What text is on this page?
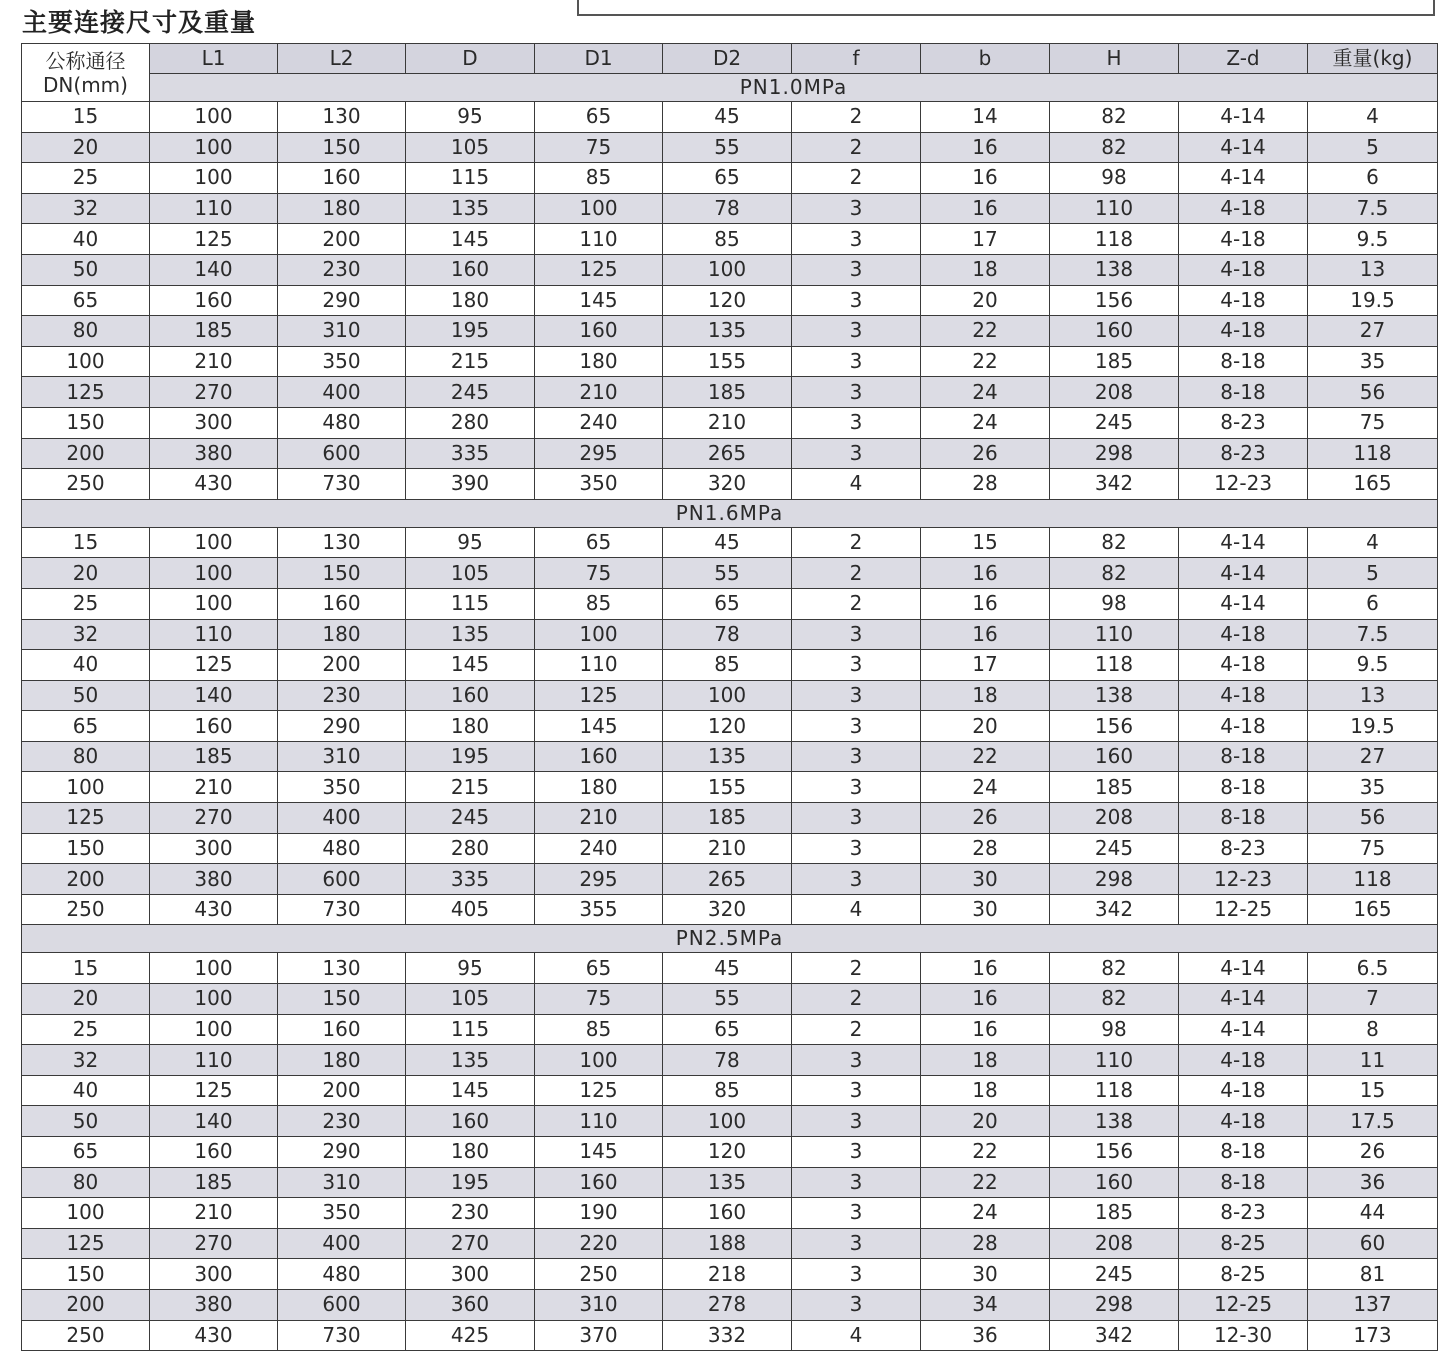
主要连接尺寸及重量
公称通径
DN(mm)	L1	L2	D	D1	D2	f	b	H	Z-d	重量(kg)
	PN1.0MPa									
15	100	130	95	65	45	2	14	82	4-14	4
20	100	150	105	75	55	2	16	82	4-14	5
25	100	160	115	85	65	2	16	98	4-14	6
32	110	180	135	100	78	3	16	110	4-18	7.5
40	125	200	145	110	85	3	17	118	4-18	9.5
50	140	230	160	125	100	3	18	138	4-18	13
65	160	290	180	145	120	3	20	156	4-18	19.5
80	185	310	195	160	135	3	22	160	4-18	27
100	210	350	215	180	155	3	22	185	8-18	35
125	270	400	245	210	185	3	24	208	8-18	56
150	300	480	280	240	210	3	24	245	8-23	75
200	380	600	335	295	265	3	26	298	8-23	118
250	430	730	390	350	320	4	28	342	12-23	165
PN1.6MPa										
15	100	130	95	65	45	2	15	82	4-14	4
20	100	150	105	75	55	2	16	82	4-14	5
25	100	160	115	85	65	2	16	98	4-14	6
32	110	180	135	100	78	3	16	110	4-18	7.5
40	125	200	145	110	85	3	17	118	4-18	9.5
50	140	230	160	125	100	3	18	138	4-18	13
65	160	290	180	145	120	3	20	156	4-18	19.5
80	185	310	195	160	135	3	22	160	8-18	27
100	210	350	215	180	155	3	24	185	8-18	35
125	270	400	245	210	185	3	26	208	8-18	56
150	300	480	280	240	210	3	28	245	8-23	75
200	380	600	335	295	265	3	30	298	12-23	118
250	430	730	405	355	320	4	30	342	12-25	165
PN2.5MPa										
15	100	130	95	65	45	2	16	82	4-14	6.5
20	100	150	105	75	55	2	16	82	4-14	7
25	100	160	115	85	65	2	16	98	4-14	8
32	110	180	135	100	78	3	18	110	4-18	11
40	125	200	145	125	85	3	18	118	4-18	15
50	140	230	160	110	100	3	20	138	4-18	17.5
65	160	290	180	145	120	3	22	156	8-18	26
80	185	310	195	160	135	3	22	160	8-18	36
100	210	350	230	190	160	3	24	185	8-23	44
125	270	400	270	220	188	3	28	208	8-25	60
150	300	480	300	250	218	3	30	245	8-25	81
200	380	600	360	310	278	3	34	298	12-25	137
250	430	730	425	370	332	4	36	342	12-30	173
